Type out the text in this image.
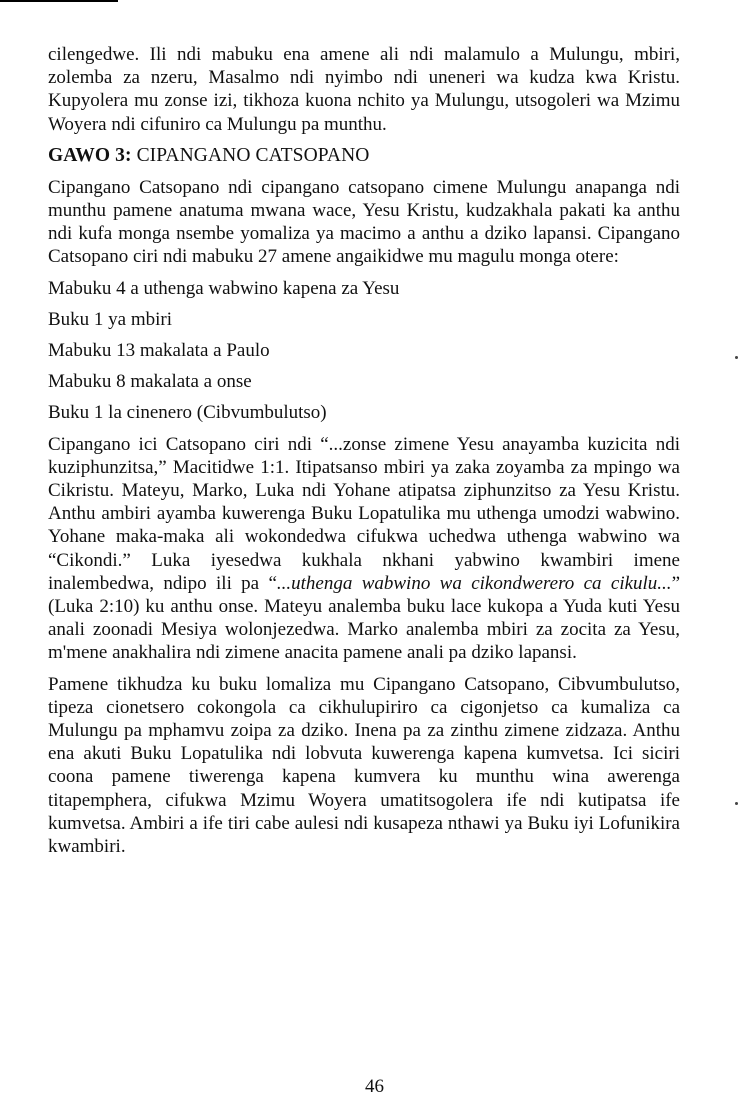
cilengedwe. Ili ndi mabuku ena amene ali ndi malamulo a Mulungu, mbiri, zolemba za nzeru, Masalmo ndi nyimbo ndi uneneri wa kudza kwa Kristu. Kupyolera mu zonse izi, tikhoza kuona nchito ya Mulungu, utsogoleri wa Mzimu Woyera ndi cifuniro ca Mulungu pa munthu.

GAWO 3: CIPANGANO CATSOPANO

Cipangano Catsopano ndi cipangano catsopano cimene Mulungu anapanga ndi munthu pamene anatuma mwana wace, Yesu Kristu, kudzakhala pakati ka anthu ndi kufa monga nsembe yomaliza ya macimo a anthu a dziko lapansi. Cipangano Catsopano ciri ndi mabuku 27 amene angaikidwe mu magulu monga otere:

Mabuku 4 a uthenga wabwino kapena za Yesu

Buku 1 ya mbiri

Mabuku 13 makalata a Paulo

Mabuku 8 makalata a onse

Buku 1 la cinenero (Cibvumbulutso)

Cipangano ici Catsopano ciri ndi “...zonse zimene Yesu anayamba kuzicita ndi kuziphunzitsa,” Macitidwe 1:1. Itipatsanso mbiri ya zaka zoyamba za mpingo wa Cikristu. Mateyu, Marko, Luka ndi Yohane atipatsa ziphunzitso za Yesu Kristu. Anthu ambiri ayamba kuwerenga Buku Lopatulika mu uthenga umodzi wabwino. Yohane maka-maka ali wokondedwa cifukwa uchedwa uthenga wabwino wa “Cikondi.” Luka iyesedwa kukhala nkhani yabwino kwambiri imene inalembedwa, ndipo ili pa “...uthenga wabwino wa cikondwerero ca cikulu...” (Luka 2:10) ku anthu onse. Mateyu analemba buku lace kukopa a Yuda kuti Yesu anali zoonadi Mesiya wolonjezedwa. Marko analemba mbiri za zocita za Yesu, m'mene anakhalira ndi zimene anacita pamene anali pa dziko lapansi.

Pamene tikhudza ku buku lomaliza mu Cipangano Catsopano, Cibvumbulutso, tipeza cionetsero cokongola ca cikhulupiriro ca cigonjetso ca kumaliza ca Mulungu pa mphamvu zoipa za dziko. Inena pa za zinthu zimene zidzaza. Anthu ena akuti Buku Lopatulika ndi lobvuta kuwerenga kapena kumvetsa. Ici siciri coona pamene tiwerenga kapena kumvera ku munthu wina awerenga titapemphera, cifukwa Mzimu Woyera umatitsogolera ife ndi kutipatsa ife kumvetsa. Ambiri a ife tiri cabe aulesi ndi kusapeza nthawi ya Buku iyi Lofunikira kwambiri.

46
